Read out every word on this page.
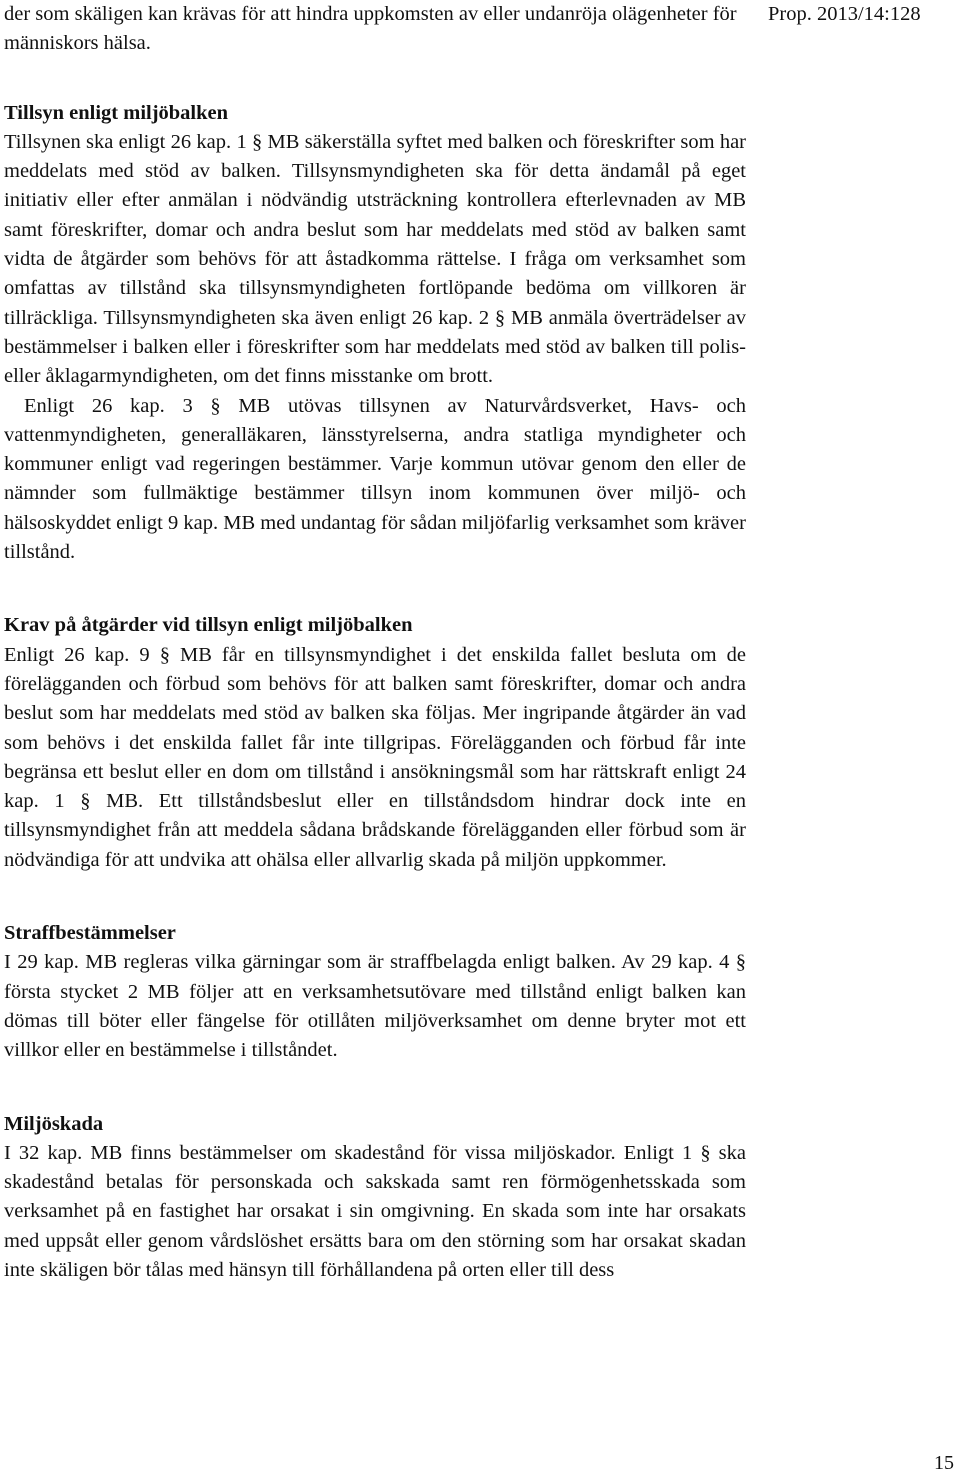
Prop. 2013/14:128

der som skäligen kan krävas för att hindra uppkomsten av eller undanröja olägenheter för människors hälsa.

Tillsyn enligt miljöbalken

Tillsynen ska enligt 26 kap. 1 § MB säkerställa syftet med balken och föreskrifter som har meddelats med stöd av balken. Tillsynsmyndigheten ska för detta ändamål på eget initiativ eller efter anmälan i nödvändig utsträckning kontrollera efterlevnaden av MB samt föreskrifter, domar och andra beslut som har meddelats med stöd av balken samt vidta de åtgärder som behövs för att åstadkomma rättelse. I fråga om verksamhet som omfattas av tillstånd ska tillsynsmyndigheten fortlöpande bedöma om villkoren är tillräckliga. Tillsynsmyndigheten ska även enligt 26 kap. 2 § MB anmäla överträdelser av bestämmelser i balken eller i föreskrifter som har meddelats med stöd av balken till polis- eller åklagarmyndigheten, om det finns misstanke om brott.

Enligt 26 kap. 3 § MB utövas tillsynen av Naturvårdsverket, Havs- och vattenmyndigheten, generalläkaren, länsstyrelserna, andra statliga myndigheter och kommuner enligt vad regeringen bestämmer. Varje kommun utövar genom den eller de nämnder som fullmäktige bestämmer tillsyn inom kommunen över miljö- och hälsoskyddet enligt 9 kap. MB med undantag för sådan miljöfarlig verksamhet som kräver tillstånd.

Krav på åtgärder vid tillsyn enligt miljöbalken

Enligt 26 kap. 9 § MB får en tillsynsmyndighet i det enskilda fallet besluta om de förelägganden och förbud som behövs för att balken samt föreskrifter, domar och andra beslut som har meddelats med stöd av balken ska följas. Mer ingripande åtgärder än vad som behövs i det enskilda fallet får inte tillgripas. Förelägganden och förbud får inte begränsa ett beslut eller en dom om tillstånd i ansökningsmål som har rättskraft enligt 24 kap. 1 § MB. Ett tillståndsbeslut eller en tillståndsdom hindrar dock inte en tillsynsmyndighet från att meddela sådana brådskande förelägganden eller förbud som är nödvändiga för att undvika att ohälsa eller allvarlig skada på miljön uppkommer.

Straffbestämmelser

I 29 kap. MB regleras vilka gärningar som är straffbelagda enligt balken. Av 29 kap. 4 § första stycket 2 MB följer att en verksamhetsutövare med tillstånd enligt balken kan dömas till böter eller fängelse för otillåten miljöverksamhet om denne bryter mot ett villkor eller en bestämmelse i tillståndet.

Miljöskada

I 32 kap. MB finns bestämmelser om skadestånd för vissa miljöskador. Enligt 1 § ska skadestånd betalas för personskada och sakskada samt ren förmögenhetsskada som verksamhet på en fastighet har orsakat i sin omgivning. En skada som inte har orsakats med uppsåt eller genom vårdslöshet ersätts bara om den störning som har orsakat skadan inte skäligen bör tålas med hänsyn till förhållandena på orten eller till dess

15
